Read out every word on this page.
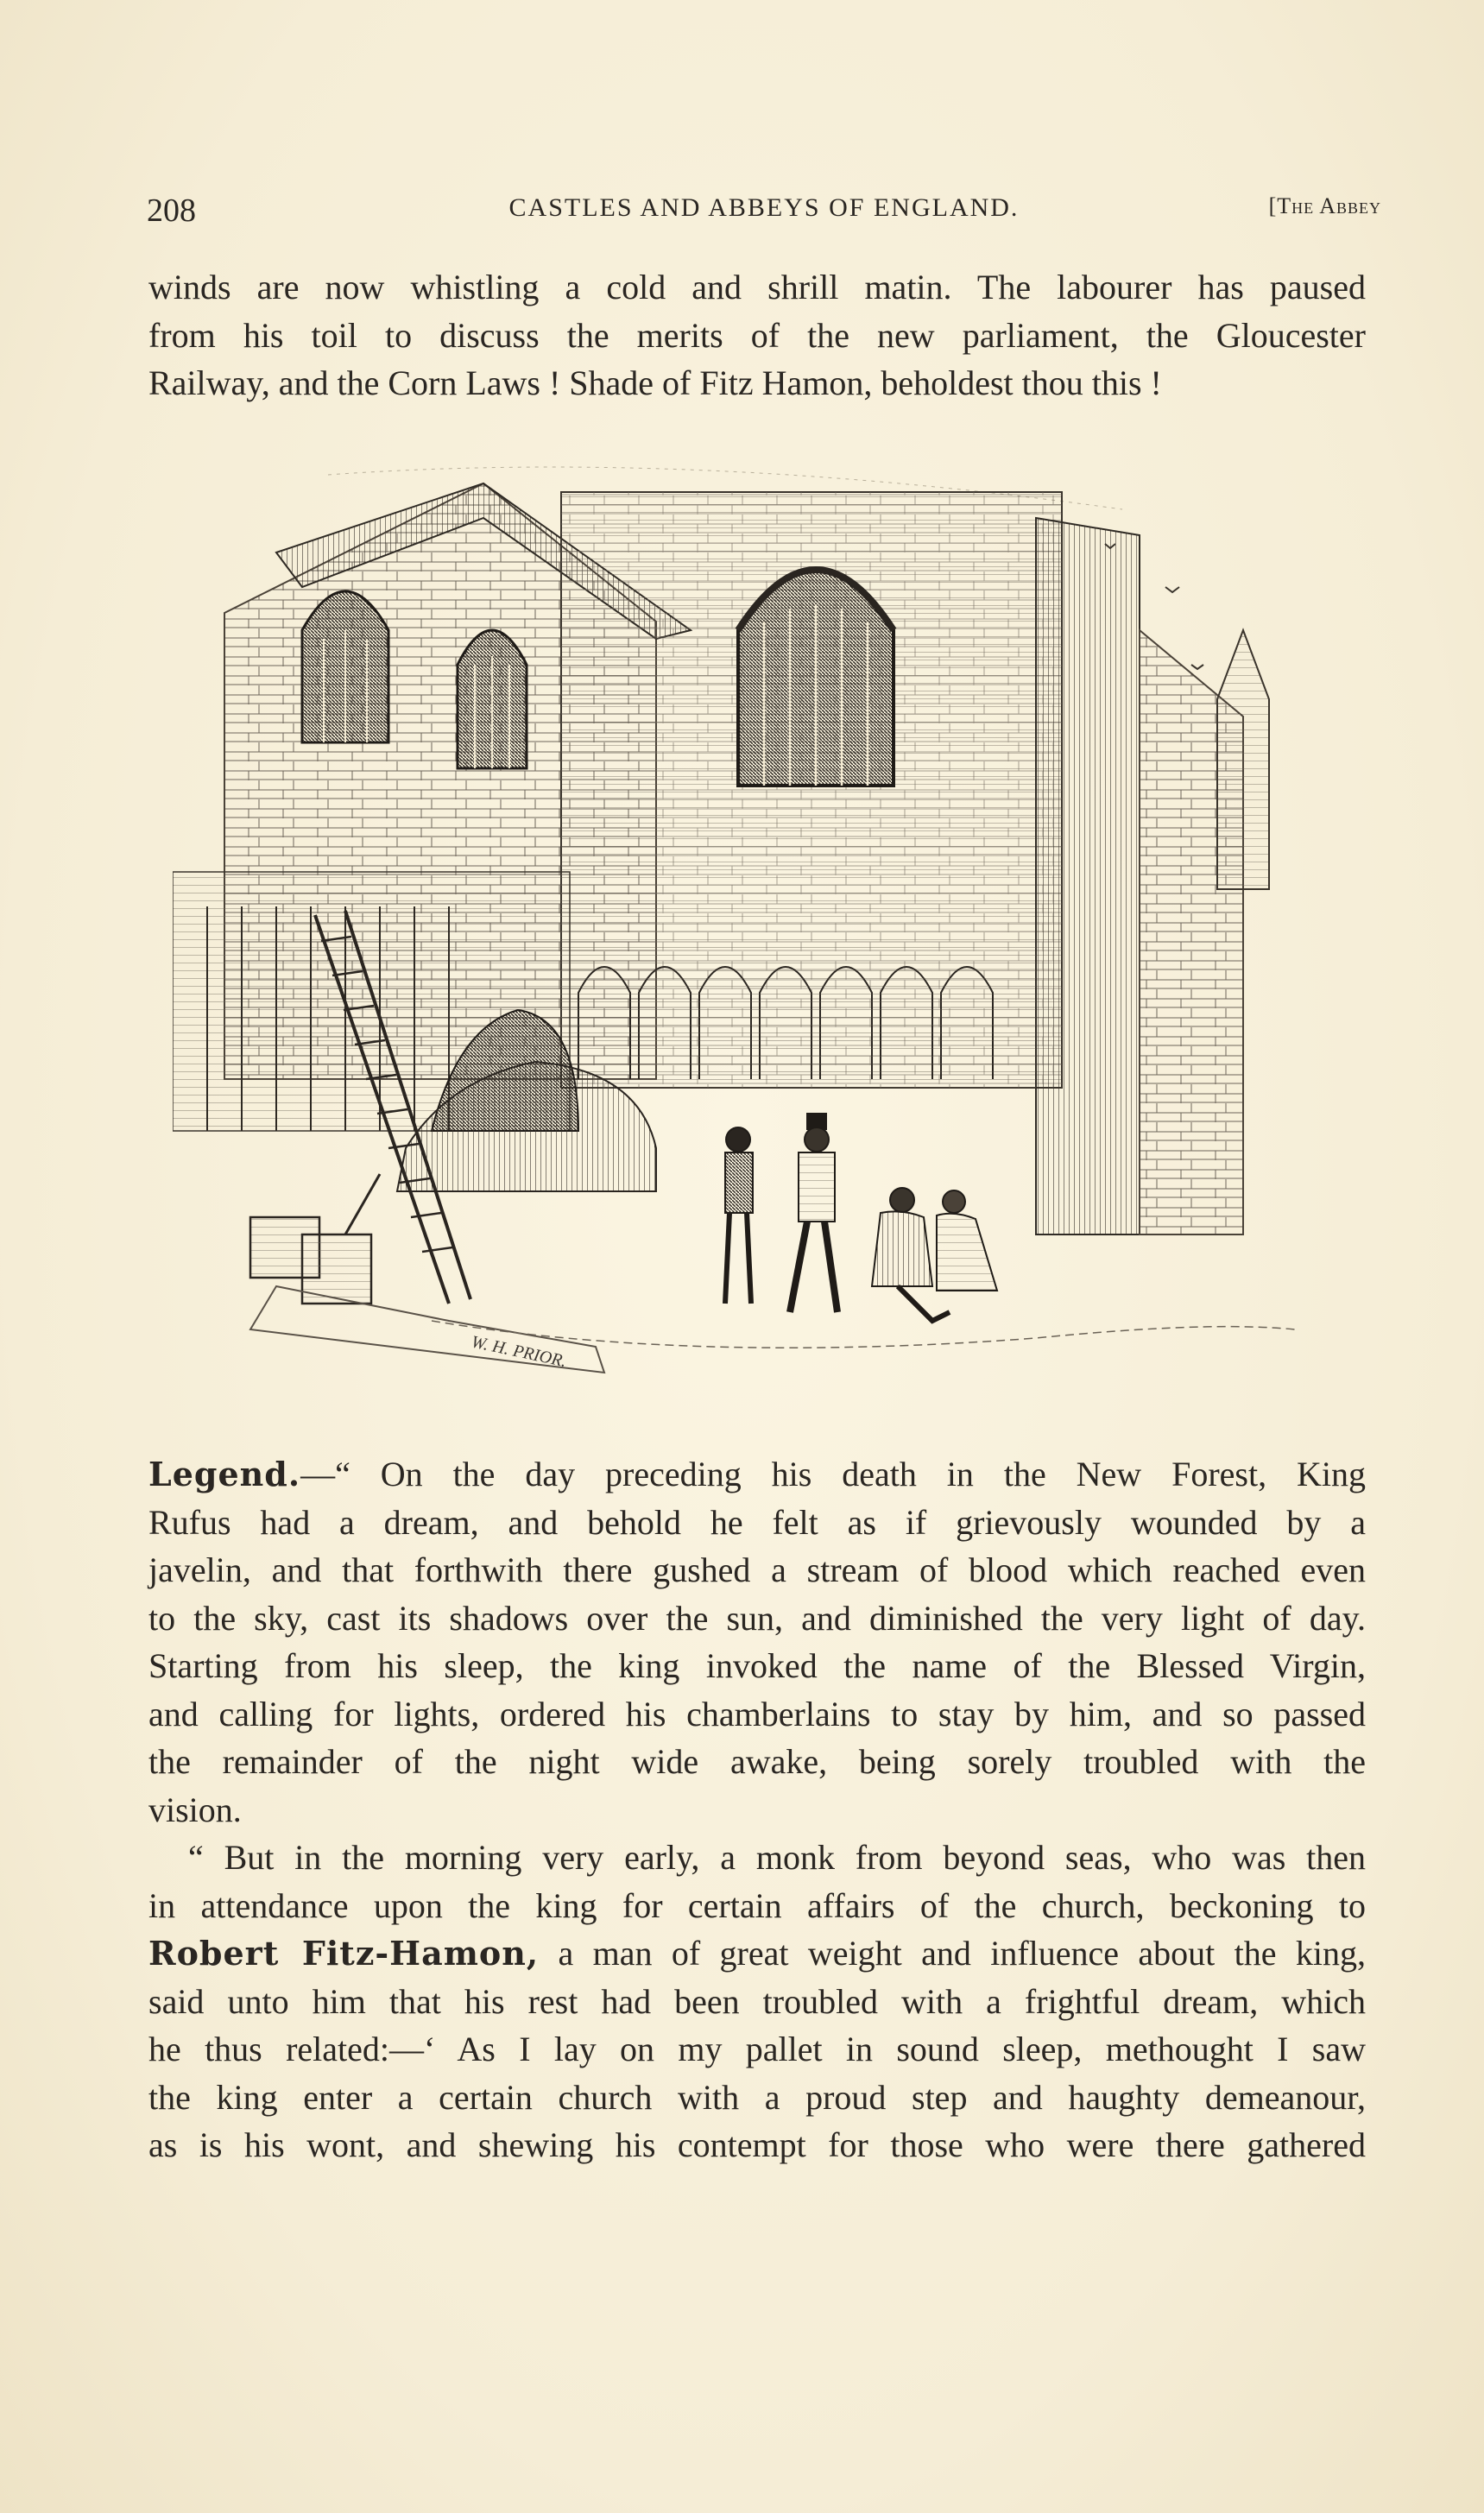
208	CASTLES AND ABBEYS OF ENGLAND.	[The Abbey
winds are now whistling a cold and shrill matin. The labourer has paused
from his toil to discuss the merits of the new parliament, the Gloucester
Railway, and the Corn Laws ! Shade of Fitz Hamon, beholdest thou this !
W. H. PRIOR.
Legend.—“ On the day preceding his death in the New Forest, King
Rufus had a dream, and behold he felt as if grievously wounded by a
javelin, and that forthwith there gushed a stream of blood which reached even
to the sky, cast its shadows over the sun, and diminished the very light of day.
Starting from his sleep, the king invoked the name of the Blessed Virgin,
and calling for lights, ordered his chamberlains to stay by him, and so passed
the remainder of the night wide awake, being sorely troubled with the
vision.
“ But in the morning very early, a monk from beyond seas, who was then
in attendance upon the king for certain affairs of the church, beckoning to
Robert Fitz-Hamon, a man of great weight and influence about the king,
said unto him that his rest had been troubled with a frightful dream, which
he thus related:—‘ As I lay on my pallet in sound sleep, methought I saw
the king enter a certain church with a proud step and haughty demeanour,
as is his wont, and shewing his contempt for those who were there gathered
